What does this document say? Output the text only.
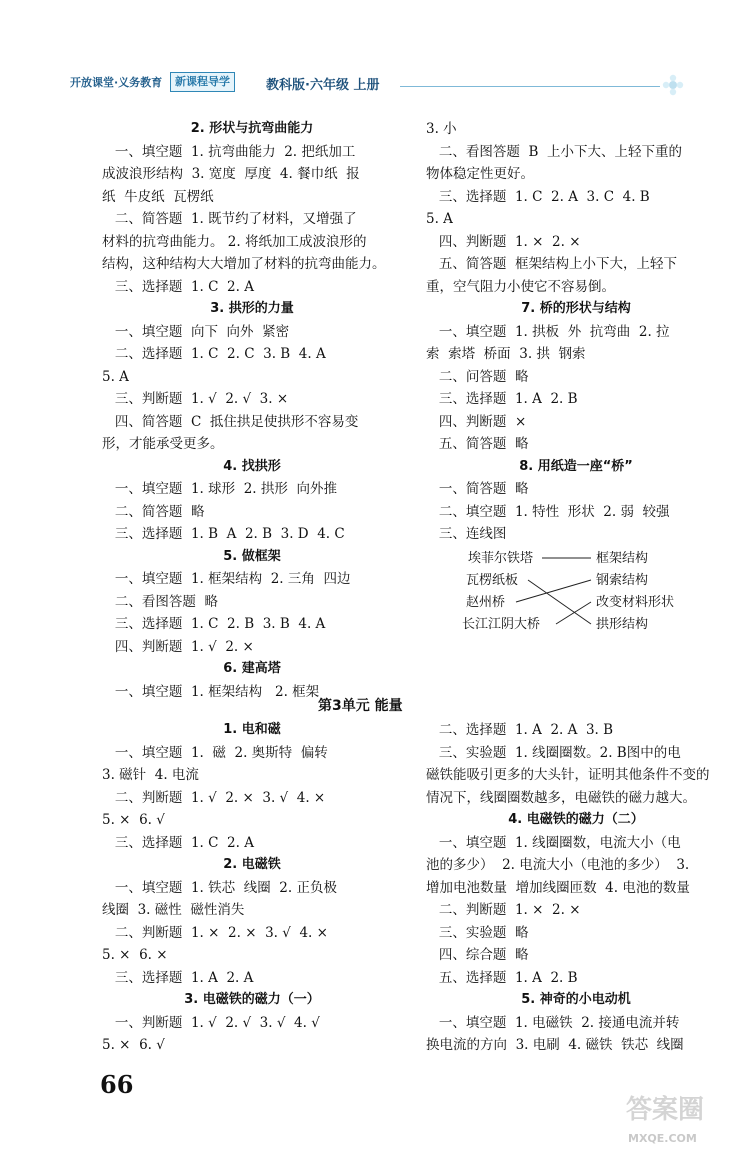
开放课堂·义务教育	新课程导学	教科版·六年级 上册

2. 形状与抗弯曲能力

一、填空题  1. 抗弯曲能力  2. 把纸加工

成波浪形结构  3. 宽度  厚度  4. 餐巾纸  报

纸  牛皮纸  瓦楞纸

二、简答题  1. 既节约了材料，又增强了

材料的抗弯曲能力。 2. 将纸加工成波浪形的

结构，这种结构大大增加了材料的抗弯曲能力。

三、选择题  1. C  2. A

3. 拱形的力量

一、填空题  向下  向外  紧密

二、选择题  1. C  2. C  3. B  4. A

5. A

三、判断题  1. √  2. √  3. ×

四、简答题  C  抵住拱足使拱形不容易变

形，才能承受更多。

4. 找拱形

一、填空题  1. 球形  2. 拱形  向外推

二、简答题  略

三、选择题  1. B  A  2. B  3. D  4. C

5. 做框架

一、填空题  1. 框架结构  2. 三角  四边

二、看图答题  略

三、选择题  1. C  2. B  3. B  4. A

四、判断题  1. √  2. ×

6. 建高塔

一、填空题  1. 框架结构   2. 框架

3. 小

二、看图答题  B  上小下大、上轻下重的

物体稳定性更好。

三、选择题  1. C  2. A  3. C  4. B

5. A

四、判断题  1. ×  2. ×

五、简答题  框架结构上小下大，上轻下

重，空气阻力小使它不容易倒。

7. 桥的形状与结构

一、填空题  1. 拱板  外  抗弯曲  2. 拉

索  索塔  桥面  3. 拱  钢索

二、问答题  略

三、选择题  1. A  2. B

四、判断题  ×

五、简答题  略

8. 用纸造一座“桥”

一、简答题  略

二、填空题  1. 特性  形状  2. 弱  较强

三、连线图

埃菲尔铁塔
瓦楞纸板
赵州桥
长江江阴大桥
框架结构
钢索结构
改变材料形状
拱形结构
第3单元 能量

1. 电和磁

一、填空题  1.  磁  2. 奥斯特  偏转

3. 磁针  4. 电流

二、判断题  1. √  2. ×  3. √  4. ×

5. ×  6. √

三、选择题  1. C  2. A

2. 电磁铁

一、填空题  1. 铁芯  线圈  2. 正负极

线圈  3. 磁性  磁性消失

二、判断题  1. ×  2. ×  3. √  4. ×

5. ×  6. ×

三、选择题  1. A  2. A

3. 电磁铁的磁力（一）

一、判断题  1. √  2. √  3. √  4. √

5. ×  6. √

二、选择题  1. A  2. A  3. B

三、实验题  1. 线圈圈数。2. B图中的电

磁铁能吸引更多的大头针，证明其他条件不变的

情况下，线圈圈数越多，电磁铁的磁力越大。

4. 电磁铁的磁力（二）

一、填空题  1. 线圈圈数，电流大小（电

池的多少）  2. 电流大小（电池的多少）  3.

增加电池数量  增加线圈匝数  4. 电池的数量

二、判断题  1. ×  2. ×

三、实验题  略

四、综合题  略

五、选择题  1. A  2. B

5. 神奇的小电动机

一、填空题  1. 电磁铁  2. 接通电流并转

换电流的方向  3. 电刷  4. 磁铁  铁芯  线圈

66
答案圈
MXQE.COM
